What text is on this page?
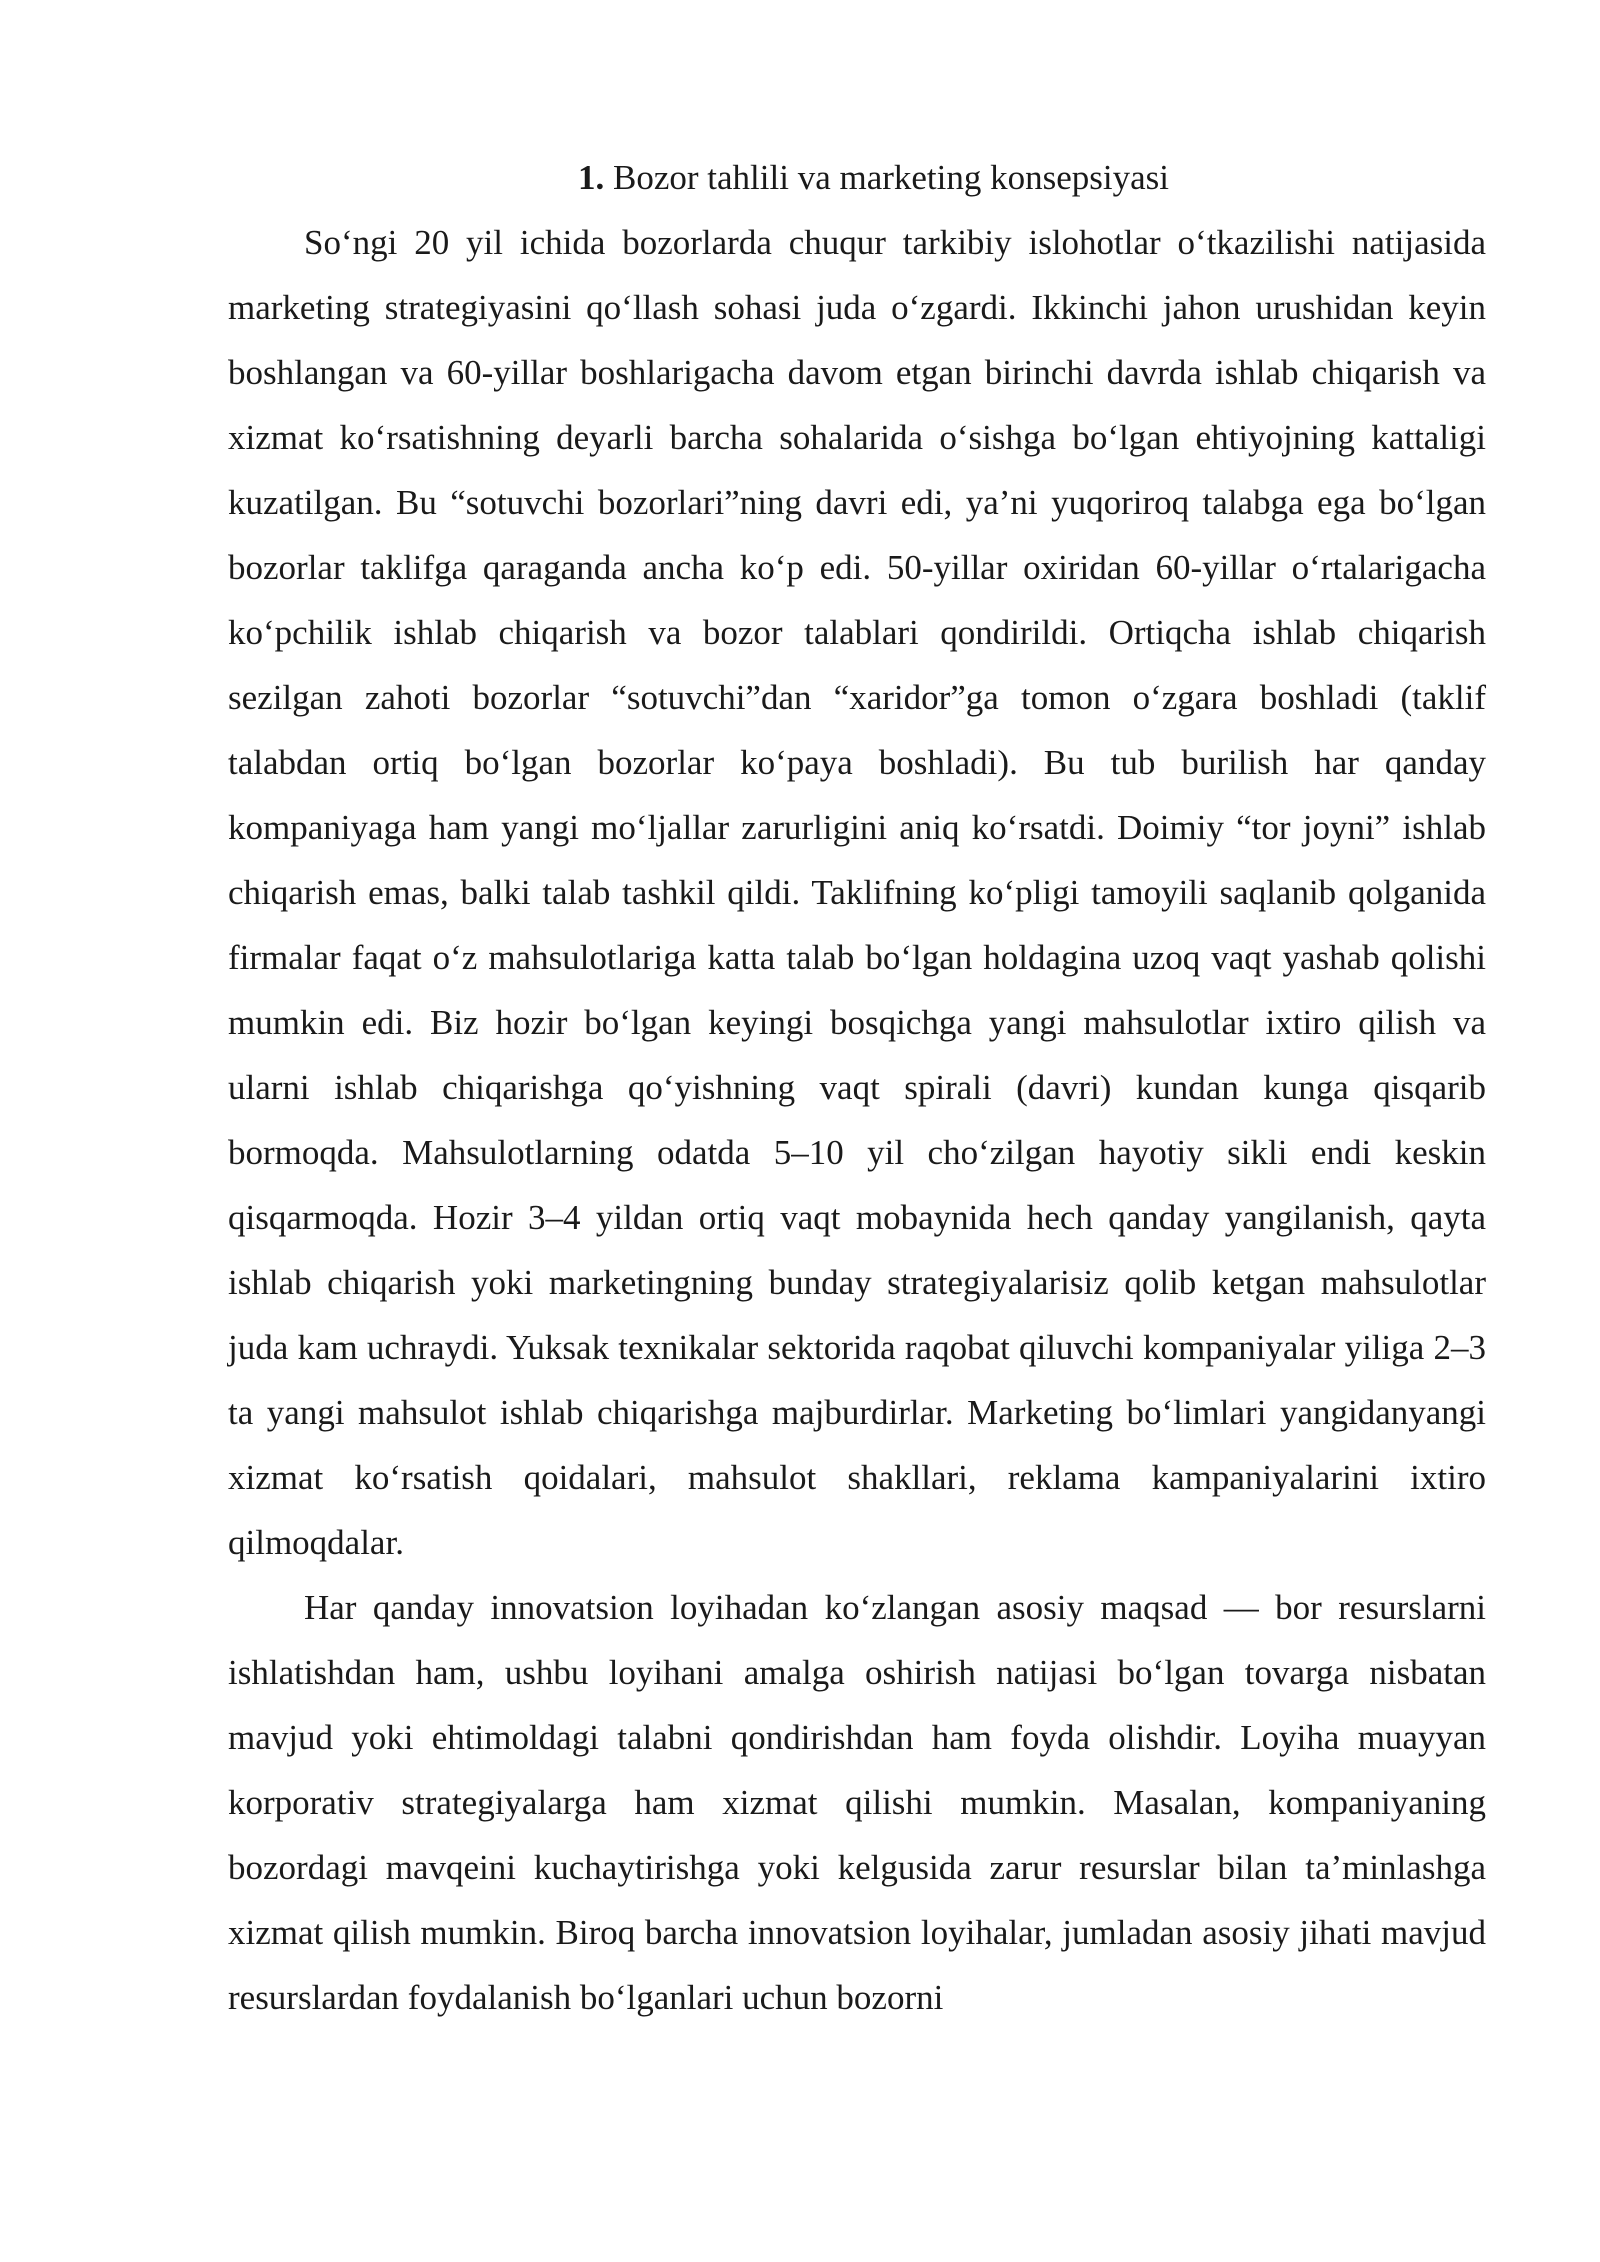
1. Bozor tahlili va marketing konsepsiyasi

So‘ngi 20 yil ichida bozorlarda chuqur tarkibiy islohotlar o‘tkazilishi natijasida marketing strategiyasini qo‘llash sohasi juda o‘zgardi. Ikkinchi jahon urushidan keyin boshlangan va 60-yillar boshlarigacha davom etgan birinchi davrda ishlab chiqarish va xizmat ko‘rsatishning deyarli barcha sohalarida o‘sishga bo‘lgan ehtiyojning kattaligi kuzatilgan. Bu “sotuvchi bozorlari”ning davri edi, ya’ni yuqoriroq talabga ega bo‘lgan bozorlar taklifga qaraganda ancha ko‘p edi. 50-yillar oxiridan 60-yillar o‘rtalarigacha ko‘pchilik ishlab chiqarish va bozor talablari qondirildi. Ortiqcha ishlab chiqarish sezilgan zahoti bozorlar “sotuvchi”dan “xaridor”ga tomon o‘zgara boshladi (taklif talabdan ortiq bo‘lgan bozorlar ko‘paya boshladi). Bu tub burilish har qanday kompaniyaga ham yangi mo‘ljallar zarurligini aniq ko‘rsatdi. Doimiy “tor joyni” ishlab chiqarish emas, balki talab tashkil qildi. Taklifning ko‘pligi tamoyili saqlanib qolganida firmalar faqat o‘z mahsulotlariga katta talab bo‘lgan holdagina uzoq vaqt yashab qolishi mumkin edi. Biz hozir bo‘lgan keyingi bosqichga yangi mahsulotlar ixtiro qilish va ularni ishlab chiqarishga qo‘yishning vaqt spirali (davri) kundan kunga qisqarib bormoqda. Mahsulotlarning odatda 5–10 yil cho‘zilgan hayotiy sikli endi keskin qisqarmoqda. Hozir 3–4 yildan ortiq vaqt mobaynida hech qanday yangilanish, qayta ishlab chiqarish yoki marketingning bunday strategiyalarisiz qolib ketgan mahsulotlar juda kam uchraydi. Yuksak texnikalar sektorida raqobat qiluvchi kompaniyalar yiliga 2–3 ta yangi mahsulot ishlab chiqarishga majburdirlar. Marketing bo‘limlari yangidanyangi xizmat ko‘rsatish qoidalari, mahsulot shakllari, reklama kampaniyalarini ixtiro qilmoqdalar.

Har qanday innovatsion loyihadan ko‘zlangan asosiy maqsad — bor resurslarni ishlatishdan ham, ushbu loyihani amalga oshirish natijasi bo‘lgan tovarga nisbatan mavjud yoki ehtimoldagi talabni qondirishdan ham foyda olishdir. Loyiha muayyan korporativ strategiyalarga ham xizmat qilishi mumkin. Masalan, kompaniyaning bozordagi mavqeini kuchaytirishga yoki kelgusida zarur resurslar bilan ta’minlashga xizmat qilish mumkin. Biroq barcha innovatsion loyihalar, jumladan asosiy jihati mavjud resurslardan foydalanish bo‘lganlari uchun bozorni
